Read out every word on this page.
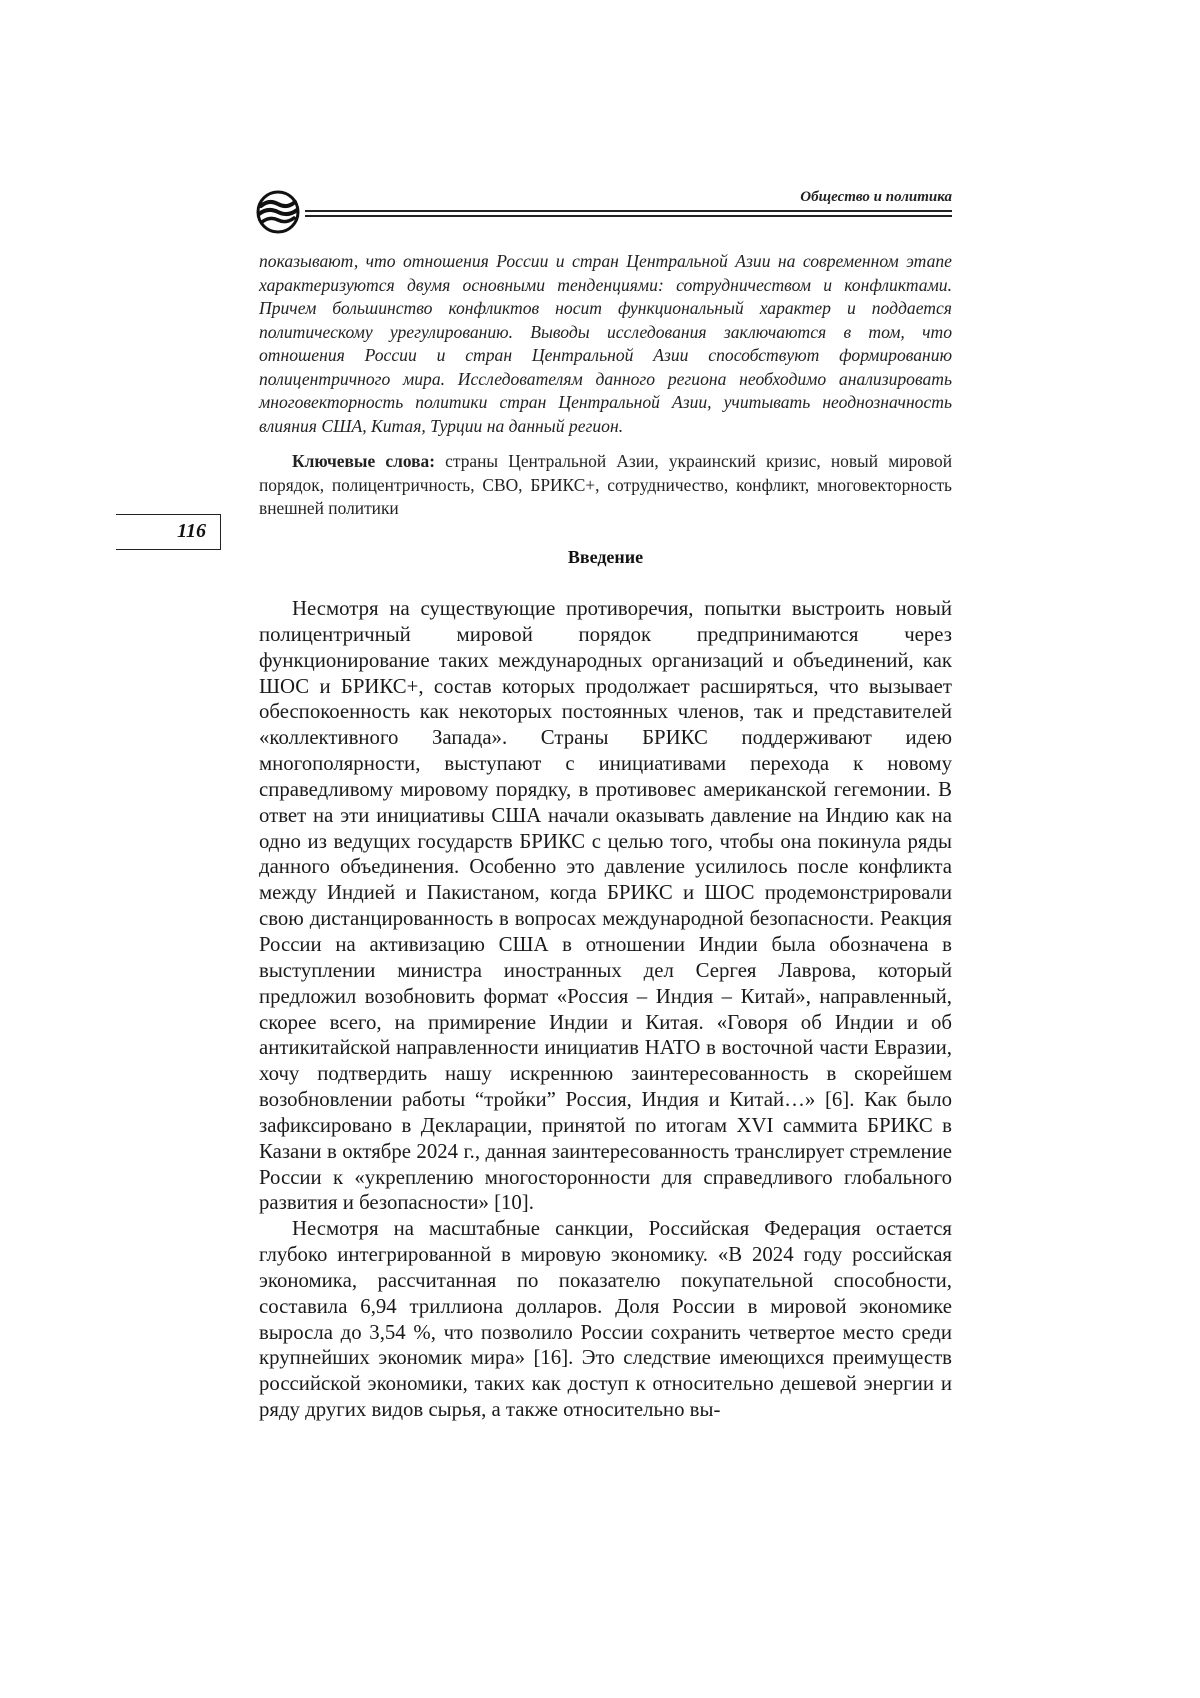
Общество и политика

показывают, что отношения России и стран Центральной Азии на современном этапе характеризуются двумя основными тенденциями: сотрудничеством и конфликтами. Причем большинство конфликтов носит функциональный характер и поддается политическому урегулированию. Выводы исследования заключаются в том, что отношения России и стран Центральной Азии способствуют формированию полицентричного мира. Исследователям данного региона необходимо анализировать многовекторность политики стран Центральной Азии, учитывать неоднозначность влияния США, Китая, Турции на данный регион.

Ключевые слова: страны Центральной Азии, украинский кризис, новый мировой порядок, полицентричность, СВО, БРИКС+, сотрудничество, конфликт, многовекторность внешней политики

116
Введение

Несмотря на существующие противоречия, попытки выстроить новый полицентричный мировой порядок предпринимаются через функционирование таких международных организаций и объединений, как ШОС и БРИКС+, состав которых продолжает расширяться, что вызывает обеспокоенность как некоторых постоянных членов, так и представителей «коллективного Запада». Страны БРИКС поддерживают идею многополярности, выступают с инициативами перехода к новому справедливому мировому порядку, в противовес американской гегемонии. В ответ на эти инициативы США начали оказывать давление на Индию как на одно из ведущих государств БРИКС с целью того, чтобы она покинула ряды данного объединения. Особенно это давление усилилось после конфликта между Индией и Пакистаном, когда БРИКС и ШОС продемонстрировали свою дистанцированность в вопросах международной безопасности. Реакция России на активизацию США в отношении Индии была обозначена в выступлении министра иностранных дел Сергея Лаврова, который предложил возобновить формат «Россия – Индия – Китай», направленный, скорее всего, на примирение Индии и Китая. «Говоря об Индии и об антикитайской направленности инициатив НАТО в восточной части Евразии, хочу подтвердить нашу искреннюю заинтересованность в скорейшем возобновлении работы “тройки” Россия, Индия и Китай…» [6]. Как было зафиксировано в Декларации, принятой по итогам XVI саммита БРИКС в Казани в октябре 2024 г., данная заинтересованность транслирует стремление России к «укреплению многосторонности для справедливого глобального развития и безопасности» [10].

Несмотря на масштабные санкции, Российская Федерация остается глубоко интегрированной в мировую экономику. «В 2024 году российская экономика, рассчитанная по показателю покупательной способности, составила 6,94 триллиона долларов. Доля России в мировой экономике выросла до 3,54 %, что позволило России сохранить четвертое место среди крупнейших экономик мира» [16]. Это следствие имеющихся преимуществ российской экономики, таких как доступ к относительно дешевой энергии и ряду других видов сырья, а также относительно вы-
